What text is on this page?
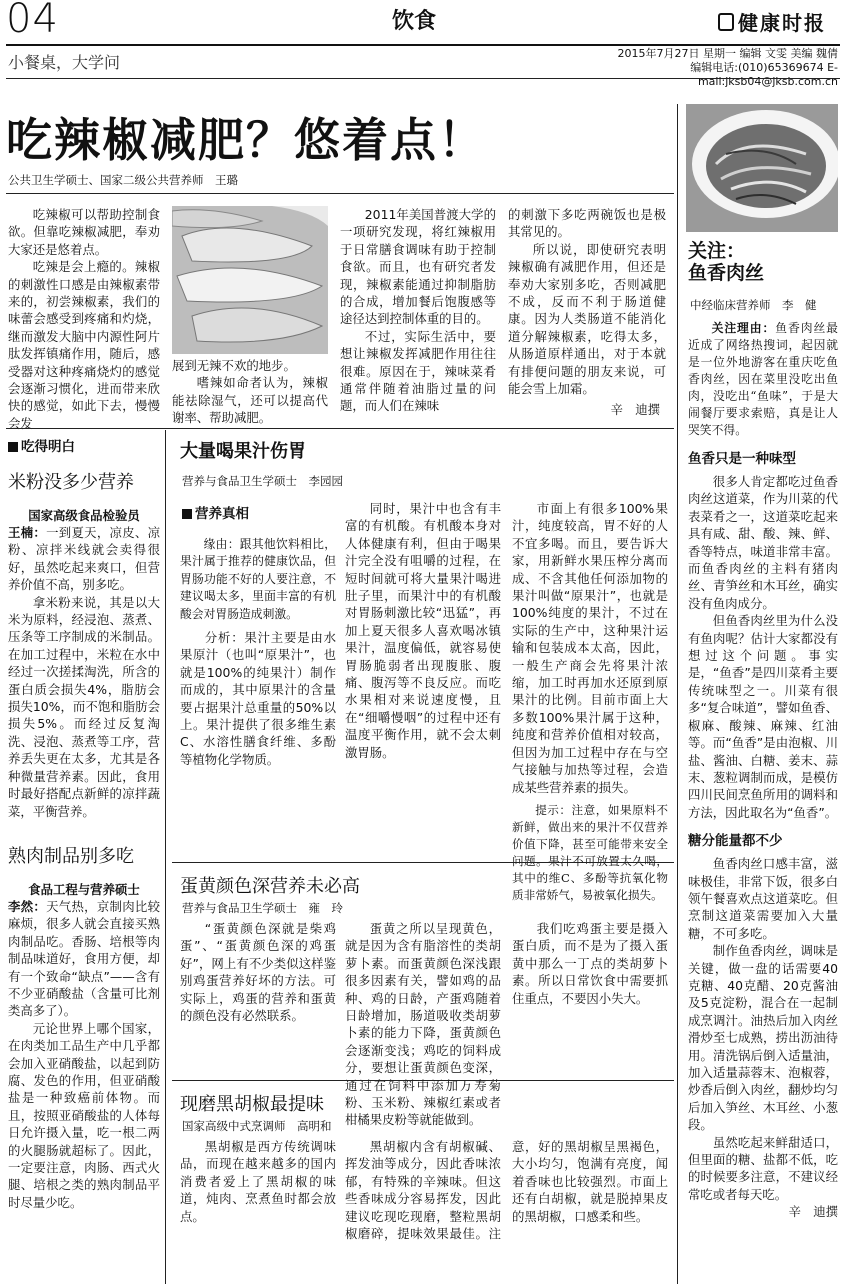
04	饮食	健康时报
小餐桌，大学问	2015年7月27日 星期一 编辑 文雯 美编 魏倩
编辑电话:(010)65369674 E-mail:jksb04@jksb.com.cn
吃辣椒减肥？悠着点！
公共卫生学硕士、国家二级公共营养师　王璐

吃辣椒可以帮助控制食欲。但靠吃辣椒减肥，奉劝大家还是悠着点。

吃辣是会上瘾的。辣椒的刺激性口感是由辣椒素带来的，初尝辣椒素，我们的味蕾会感受到疼痛和灼烧，继而激发大脑中内源性阿片肽发挥镇痛作用，随后，感受器对这种疼痛烧灼的感觉会逐渐习惯化，进而带来欣快的感觉，如此下去，慢慢会发

展到无辣不欢的地步。

嗜辣如命者认为，辣椒能祛除湿气，还可以提高代谢率、帮助减肥。

2011年美国普渡大学的一项研究发现，将红辣椒用于日常膳食调味有助于控制食欲。而且，也有研究者发现，辣椒素能通过抑制脂肪的合成，增加餐后饱腹感等途径达到控制体重的目的。

不过，实际生活中，要想让辣椒发挥减肥作用往往很难。原因在于，辣味菜肴通常伴随着油脂过量的问题，而人们在辣味

的刺激下多吃两碗饭也是极其常见的。

所以说，即使研究表明辣椒确有减肥作用，但还是奉劝大家别多吃，否则减肥不成，反而不利于肠道健康。因为人类肠道不能消化道分解辣椒素，吃得太多，从肠道原样通出，对于本就有排便问题的朋友来说，可能会雪上加霜。

辛　迪撰

关注：
鱼香肉丝
中经临床营养师　李　健

关注理由：鱼香肉丝最近成了网络热搜词，起因就是一位外地游客在重庆吃鱼香肉丝，因在菜里没吃出鱼肉，没吃出“鱼味”，于是大闹餐厅要求索赔，真是让人哭笑不得。

鱼香只是一种味型

很多人肯定都吃过鱼香肉丝这道菜，作为川菜的代表菜肴之一，这道菜吃起来具有咸、甜、酸、辣、鲜、香等特点，味道非常丰富。而鱼香肉丝的主料有猪肉丝、青笋丝和木耳丝，确实没有鱼肉成分。

但鱼香肉丝里为什么没有鱼肉呢？估计大家都没有想过这个问题。事实是，“鱼香”是四川菜肴主要传统味型之一。川菜有很多“复合味道”，譬如鱼香、椒麻、酸辣、麻辣、红油等。而“鱼香”是由泡椒、川盐、酱油、白糖、姜末、蒜末、葱粒调制而成，是模仿四川民间烹鱼所用的调料和方法，因此取名为“鱼香”。

糖分能量都不少

鱼香肉丝口感丰富，滋味极佳，非常下饭，很多白领午餐喜欢点这道菜吃。但烹制这道菜需要加入大量糖，不可多吃。

制作鱼香肉丝，调味是关键，做一盘的话需要40克糖、40克醋、20克酱油及5克淀粉，混合在一起制成烹调汁。油热后加入肉丝滑炒至七成熟，捞出沥油待用。清洗锅后倒入适量油，加入适量蒜蓉末、泡椒蓉，炒香后倒入肉丝，翻炒均匀后加入笋丝、木耳丝、小葱段。

虽然吃起来鲜甜适口，但里面的糖、盐都不低，吃的时候要多注意，不建议经常吃或者每天吃。

辛　迪撰

吃得明白
米粉没多少营养
国家高级食品检验员

王楠：一到夏天，凉皮、凉粉、凉拌米线就会卖得很好，虽然吃起来爽口，但营养价值不高，别多吃。

拿米粉来说，其是以大米为原料，经浸泡、蒸煮、压条等工序制成的米制品。在加工过程中，米粒在水中经过一次搓揉淘洗，所含的蛋白质会损失4%，脂肪会损失10%，而不饱和脂肪会损失5%。而经过反复淘洗、浸泡、蒸煮等工序，营养丢失更在太多，尤其是各种微量营养素。因此，食用时最好搭配点新鲜的凉拌蔬菜，平衡营养。

熟肉制品别多吃
食品工程与营养硕士

李然：天气热，京制肉比较麻烦，很多人就会直接买熟肉制品吃。香肠、培根等肉制品味道好，食用方便，却有一个致命“缺点”——含有不少亚硝酸盐（含量可比剂类高多了）。

元论世界上哪个国家，在肉类加工品生产中几乎都会加入亚硝酸盐，以起到防腐、发色的作用，但亚硝酸盐是一种致癌前体物。而且，按照亚硝酸盐的人体每日允许摄入量，吃一根二两的火腿肠就超标了。因此，一定要注意，肉肠、西式火腿、培根之类的熟肉制品平时尽量少吃。

大量喝果汁伤胃
营养与食品卫生学硕士　李园园
营养真相

缘由：跟其他饮料相比，果汁属于推荐的健康饮品，但胃肠功能不好的人要注意，不建议喝太多，里面丰富的有机酸会对胃肠造成刺激。

分析：果汁主要是由水果原汁（也叫“原果汁”，也就是100%的纯果汁）制作而成的，其中原果汁的含量要占据果汁总重量的50%以上。果汁提供了很多维生素C、水溶性膳食纤维、多酚等植物化学物质。

同时，果汁中也含有丰富的有机酸。有机酸本身对人体健康有利，但由于喝果汁完全没有咀嚼的过程，在短时间就可将大量果汁喝进肚子里，而果汁中的有机酸对胃肠刺激比较“迅猛”，再加上夏天很多人喜欢喝冰镇果汁，温度偏低，就容易使胃肠脆弱者出现腹胀、腹痛、腹泻等不良反应。而吃水果相对来说速度慢，且在“细嚼慢咽”的过程中还有温度平衡作用，就不会太刺激胃肠。

市面上有很多100%果汁，纯度较高，胃不好的人不宜多喝。而且，要告诉大家，用新鲜水果压榨分离而成、不含其他任何添加物的果汁叫做“原果汁”，也就是100%纯度的果汁，不过在实际的生产中，这种果汁运输和包装成本太高，因此，一般生产商会先将果汁浓缩，加工时再加水还原到原果汁的比例。目前市面上大多数100%果汁属于这种，纯度和营养价值相对较高，但因为加工过程中存在与空气接触与加热等过程，会造成某些营养素的损失。

提示：注意，如果原料不新鲜，做出来的果汁不仅营养价值下降，甚至可能带来安全问题。果汁不可放置太久喝，其中的维C、多酚等抗氧化物质非常娇气，易被氧化损失。

蛋黄颜色深营养未必高
营养与食品卫生学硕士　雍　玲

“蛋黄颜色深就是柴鸡蛋”、“蛋黄颜色深的鸡蛋好”，网上有不少类似这样鉴别鸡蛋营养好坏的方法。可实际上，鸡蛋的营养和蛋黄的颜色没有必然联系。

蛋黄之所以呈现黄色，就是因为含有脂溶性的类胡萝卜素。而蛋黄颜色深浅跟很多因素有关，譬如鸡的品种、鸡的日龄，产蛋鸡随着日龄增加，肠道吸收类胡萝卜素的能力下降，蛋黄颜色会逐渐变浅；鸡吃的饲料成分，要想让蛋黄颜色变深，通过在饲料中添加万寿菊粉、玉米粉、辣椒红素或者柑橘果皮粉等就能做到。

我们吃鸡蛋主要是摄入蛋白质，而不是为了摄入蛋黄中那么一丁点的类胡萝卜素。所以日常饮食中需要抓住重点，不要因小失大。

现磨黑胡椒最提味
国家高级中式烹调师　高明和

黑胡椒是西方传统调味品，而现在越来越多的国内消费者爱上了黑胡椒的味道，炖肉、烹煮鱼时都会放点。

黑胡椒内含有胡椒碱、挥发油等成分，因此香味浓郁，有特殊的辛辣味。但这些香味成分容易挥发，因此建议吃现吃现磨，整粒黑胡椒磨碎，提味效果最佳。注意，好的黑胡椒呈黑褐色，大小均匀，饱满有亮度，闻着香味也比较强烈。市面上还有白胡椒，就是脱掉果皮的黑胡椒，口感柔和些。
